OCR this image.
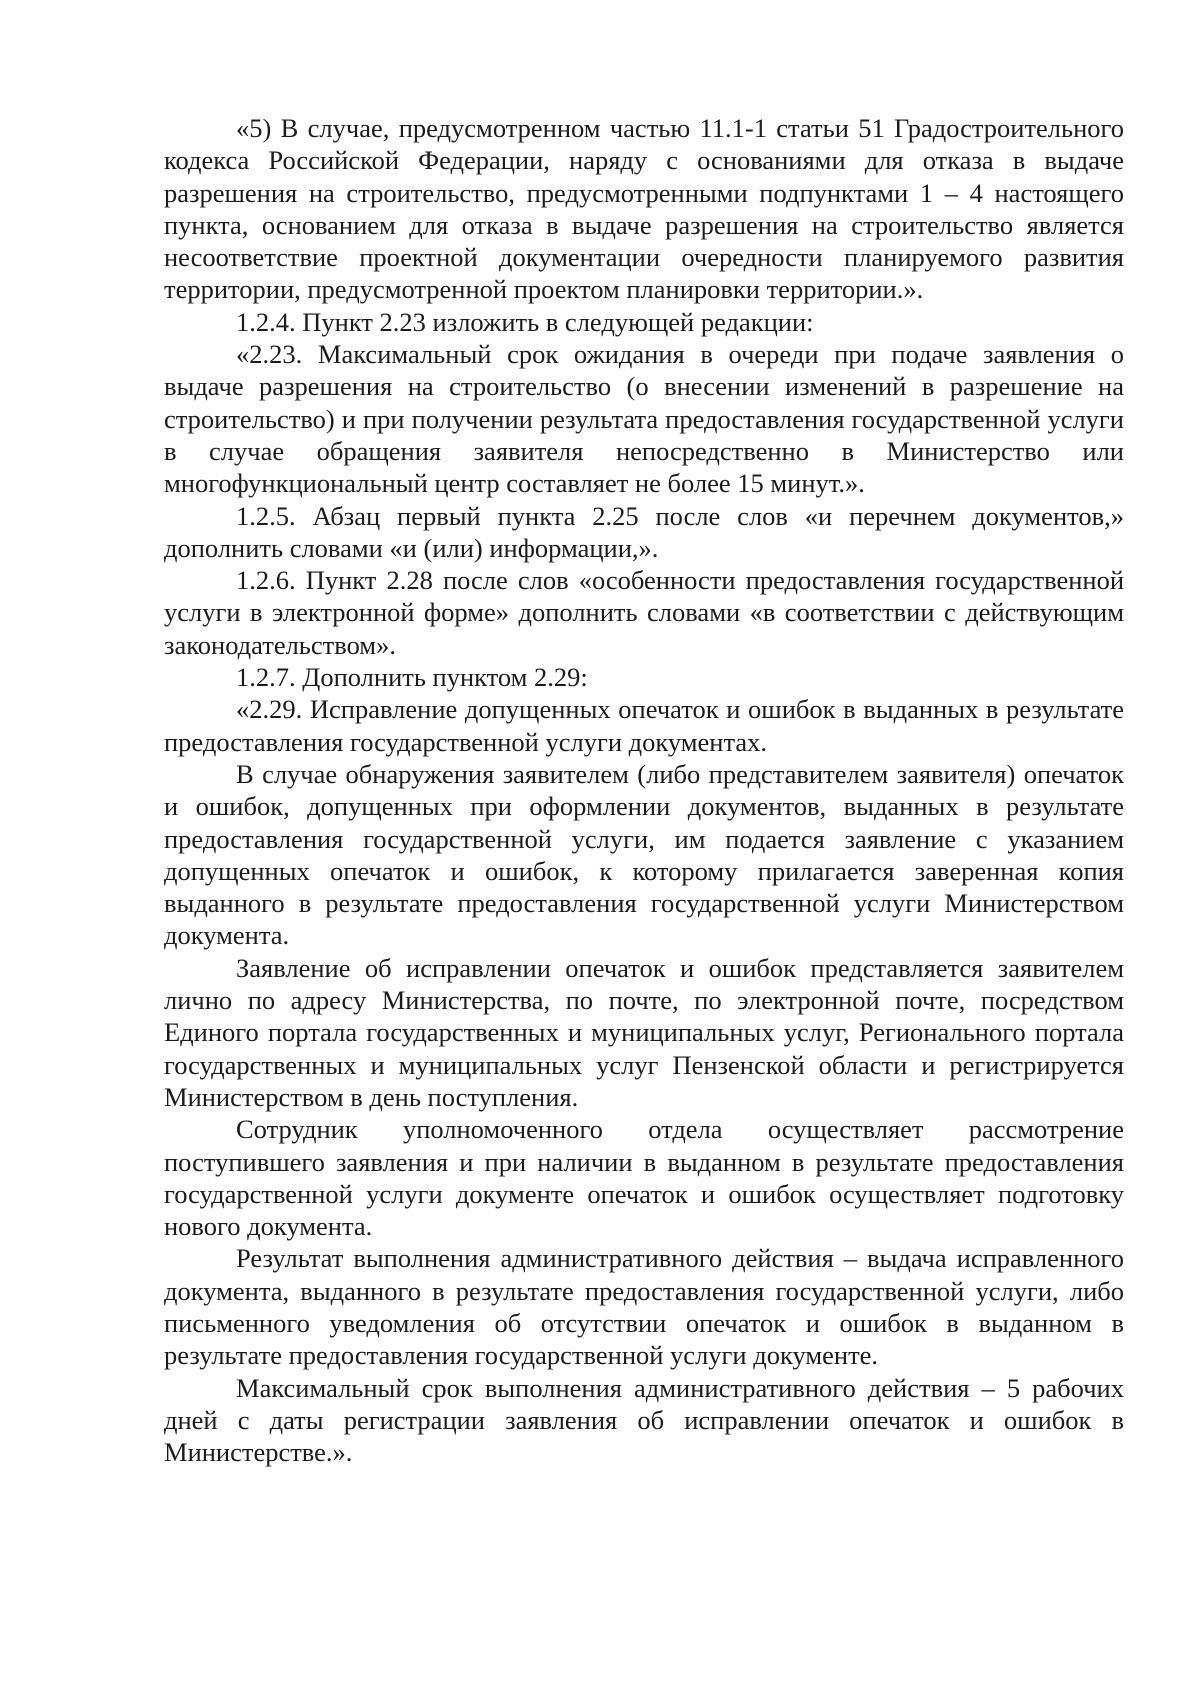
«5) В случае, предусмотренном частью 11.1-1 статьи 51 Градостроительного кодекса Российской Федерации, наряду с основаниями для отказа в выдаче разрешения на строительство, предусмотренными подпунктами 1 – 4 настоящего пункта, основанием для отказа в выдаче разрешения на строительство является несоответствие проектной документации очередности планируемого развития территории, предусмотренной проектом планировки территории.».

1.2.4. Пункт 2.23 изложить в следующей редакции:

«2.23. Максимальный срок ожидания в очереди при подаче заявления о выдаче разрешения на строительство (о внесении изменений в разрешение на строительство) и при получении результата предоставления государственной услуги в случае обращения заявителя непосредственно в Министерство или многофункциональный центр составляет не более 15 минут.».

1.2.5. Абзац первый пункта 2.25 после слов «и перечнем документов,» дополнить словами «и (или) информации,».

1.2.6. Пункт 2.28 после слов «особенности предоставления государственной услуги в электронной форме» дополнить словами «в соответствии с действующим законодательством».

1.2.7. Дополнить пунктом 2.29:

«2.29. Исправление допущенных опечаток и ошибок в выданных в результате предоставления государственной услуги документах.

В случае обнаружения заявителем (либо представителем заявителя) опечаток и ошибок, допущенных при оформлении документов, выданных в результате предоставления государственной услуги, им подается заявление с указанием допущенных опечаток и ошибок, к которому прилагается заверенная копия выданного в результате предоставления государственной услуги Министерством документа.

Заявление об исправлении опечаток и ошибок представляется заявителем лично по адресу Министерства, по почте, по электронной почте, посредством Единого портала государственных и муниципальных услуг, Регионального портала государственных и муниципальных услуг Пензенской области и регистрируется Министерством в день поступления.

Сотрудник уполномоченного отдела осуществляет рассмотрение поступившего заявления и при наличии в выданном в результате предоставления государственной услуги документе опечаток и ошибок осуществляет подготовку нового документа.

Результат выполнения административного действия – выдача исправленного документа, выданного в результате предоставления государственной услуги, либо письменного уведомления об отсутствии опечаток и ошибок в выданном в результате предоставления государственной услуги документе.

Максимальный срок выполнения административного действия – 5 рабочих дней с даты регистрации заявления об исправлении опечаток и ошибок в Министерстве.».
